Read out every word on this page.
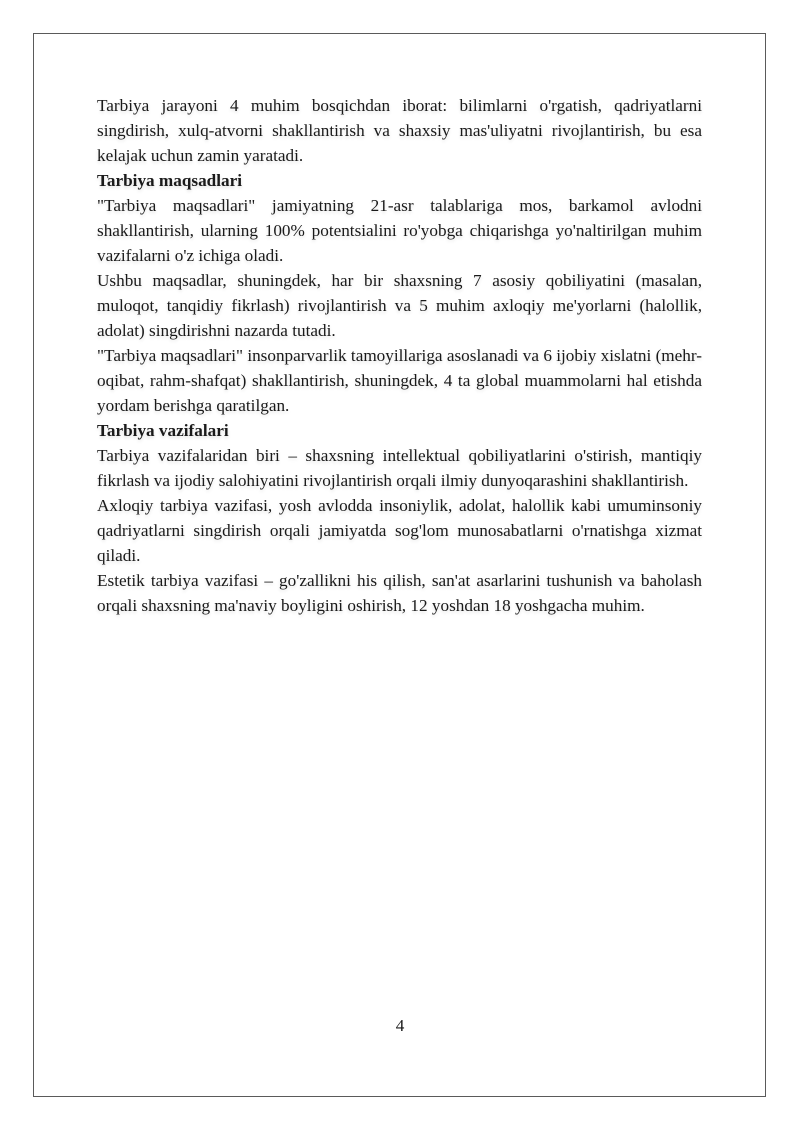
Tarbiya jarayoni 4 muhim bosqichdan iborat: bilimlarni o'rgatish, qadriyatlarni singdirish, xulq-atvorni shakllantirish va shaxsiy mas'uliyatni rivojlantirish, bu esa kelajak uchun zamin yaratadi.

Tarbiya maqsadlari

"Tarbiya maqsadlari" jamiyatning 21-asr talablariga mos, barkamol avlodni shakllantirish, ularning 100% potentsialini ro'yobga chiqarishga yo'naltirilgan muhim vazifalarni o'z ichiga oladi.

Ushbu maqsadlar, shuningdek, har bir shaxsning 7 asosiy qobiliyatini (masalan, muloqot, tanqidiy fikrlash) rivojlantirish va 5 muhim axloqiy me'yorlarni (halollik, adolat) singdirishni nazarda tutadi.

"Tarbiya maqsadlari" insonparvarlik tamoyillariga asoslanadi va 6 ijobiy xislatni (mehr-oqibat, rahm-shafqat) shakllantirish, shuningdek, 4 ta global muammolarni hal etishda yordam berishga qaratilgan.

Tarbiya vazifalari

Tarbiya vazifalaridan biri – shaxsning intellektual qobiliyatlarini o'stirish, mantiqiy fikrlash va ijodiy salohiyatini rivojlantirish orqali ilmiy dunyoqarashini shakllantirish.

Axloqiy tarbiya vazifasi, yosh avlodda insoniylik, adolat, halollik kabi umuminsoniy qadriyatlarni singdirish orqali jamiyatda sog'lom munosabatlarni o'rnatishga xizmat qiladi.

Estetik tarbiya vazifasi – go'zallikni his qilish, san'at asarlarini tushunish va baholash orqali shaxsning ma'naviy boyligini oshirish, 12 yoshdan 18 yoshgacha muhim.

4
